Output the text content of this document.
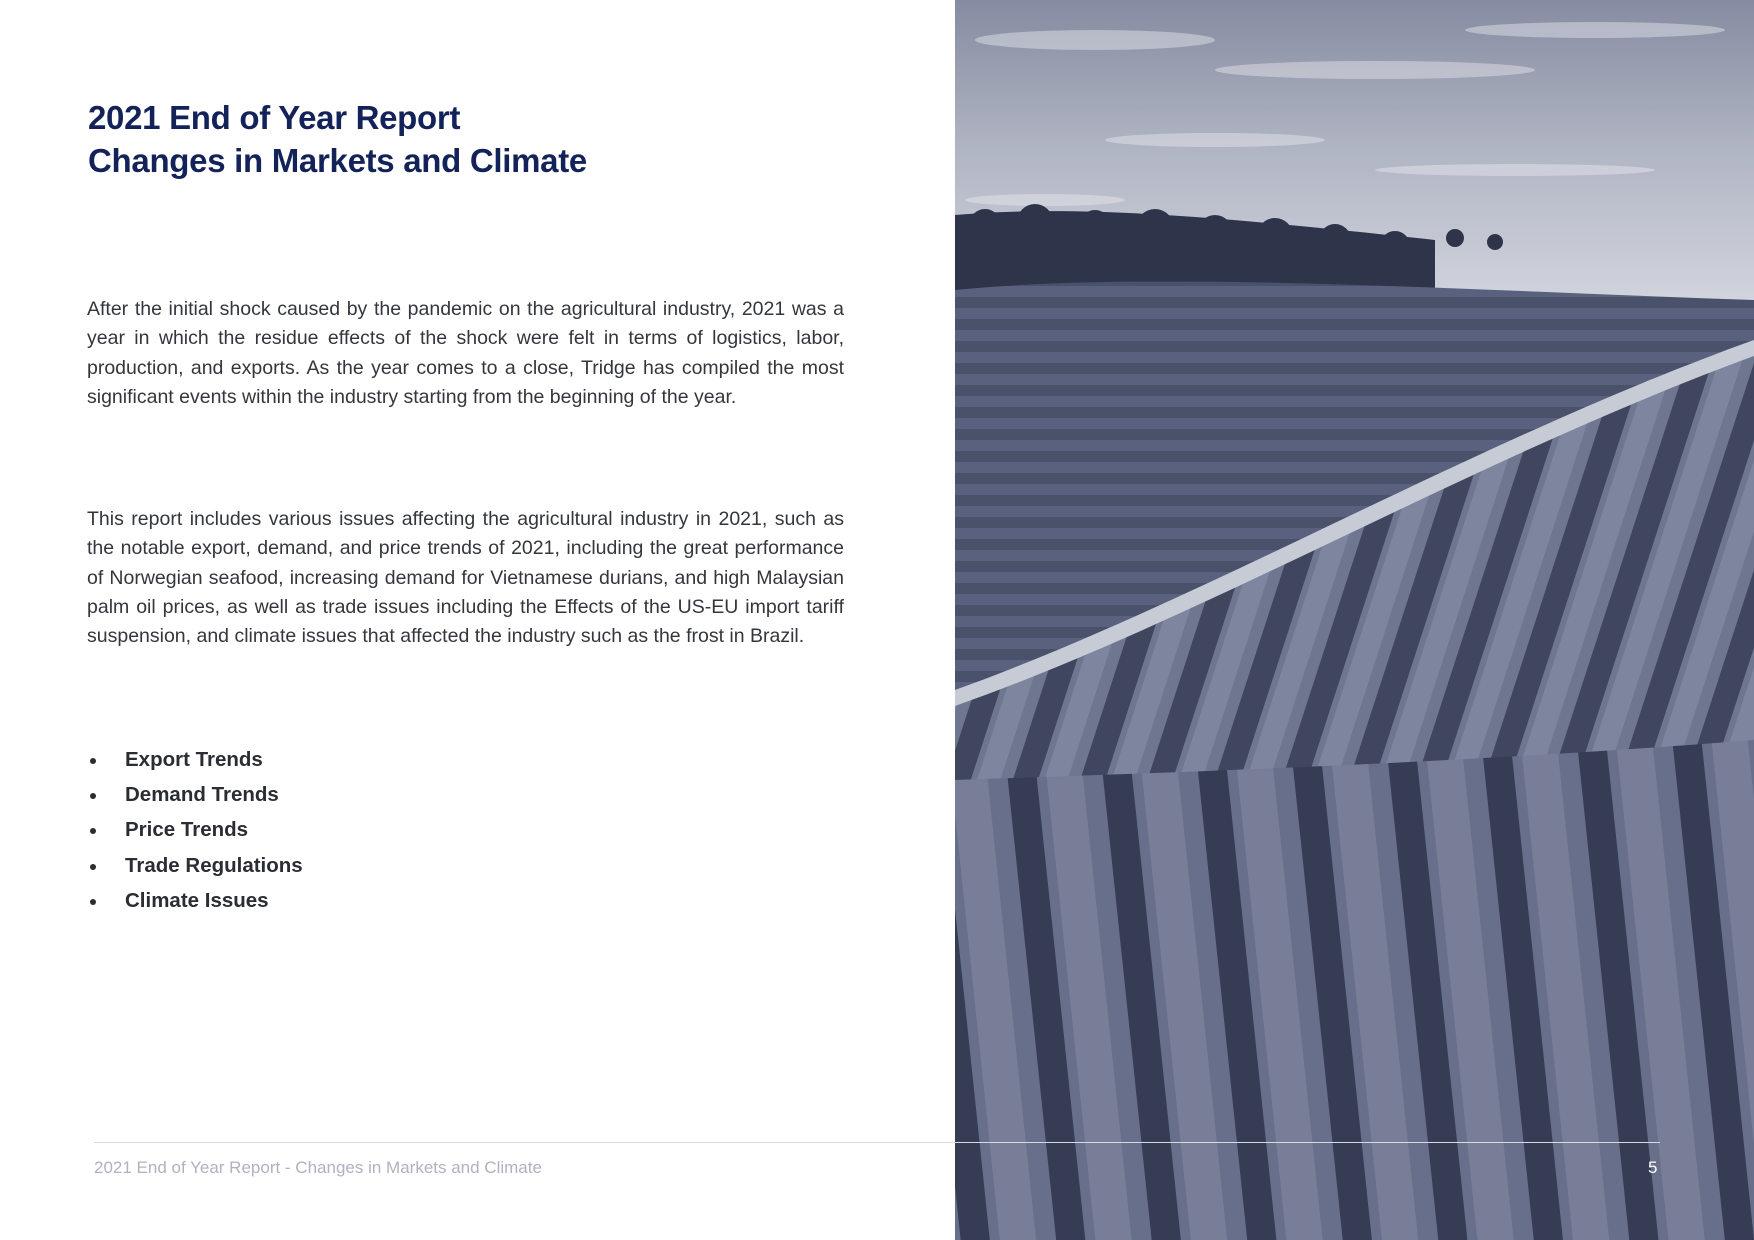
2021 End of Year Report
Changes in Markets and Climate

After the initial shock caused by the pandemic on the agricultural industry, 2021 was a year in which the residue effects of the shock were felt in terms of logistics, labor, production, and exports. As the year comes to a close, Tridge has compiled the most significant events within the industry starting from the beginning of the year.

This report includes various issues affecting the agricultural industry in 2021, such as the notable export, demand, and price trends of 2021, including the great performance of Norwegian seafood, increasing demand for Vietnamese durians, and high Malaysian palm oil prices, as well as trade issues including the Effects of the US-EU import tariff suspension, and climate issues that affected the industry such as the frost in Brazil.

Export Trends
Demand Trends
Price Trends
Trade Regulations
Climate Issues
2021 End of Year Report - Changes in Markets and Climate	5
